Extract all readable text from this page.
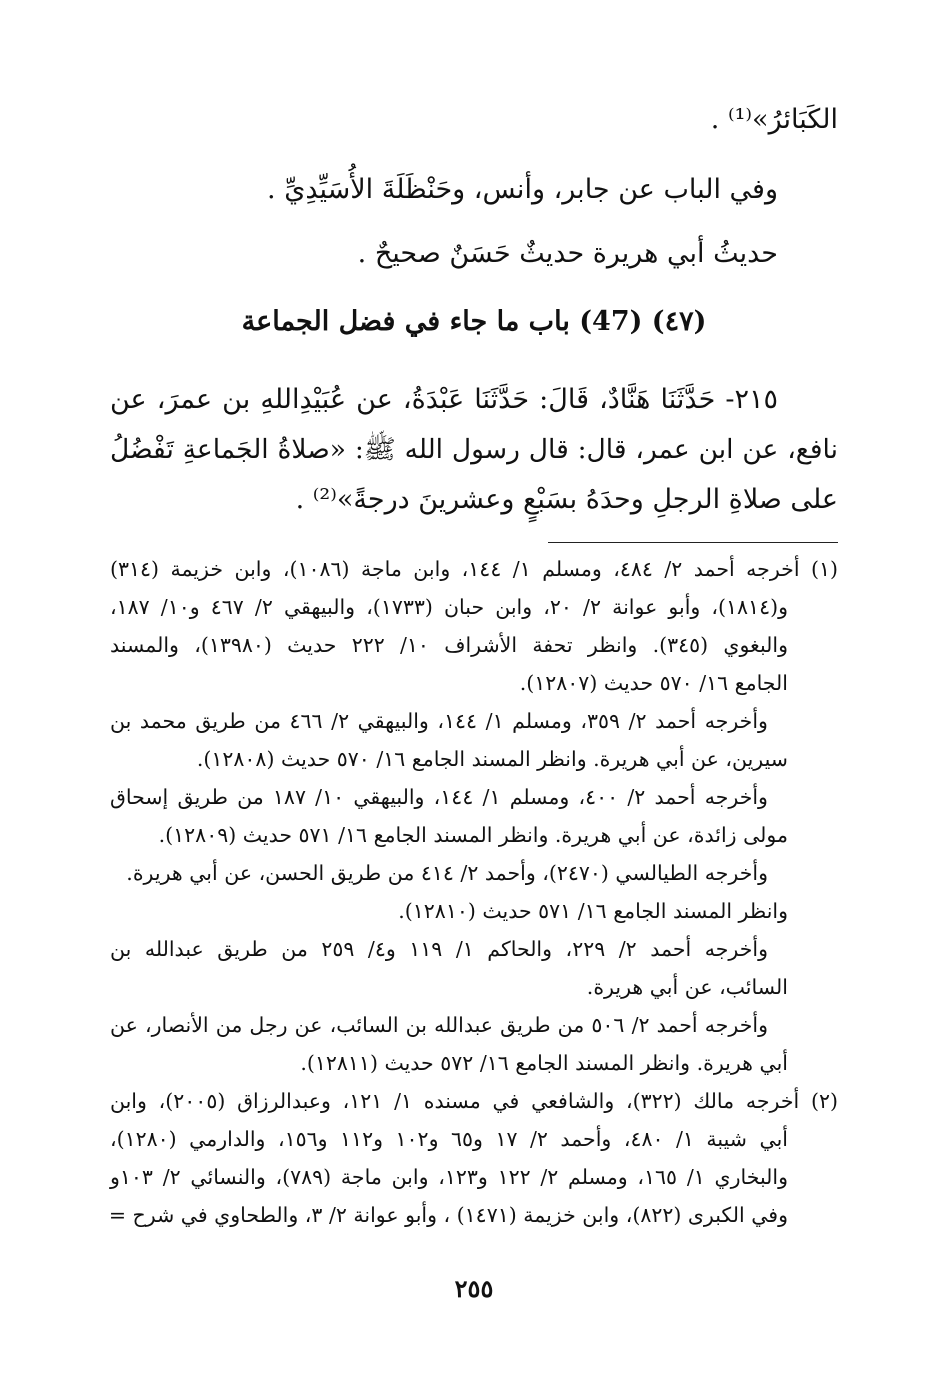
الكَبَائرُ»⁽¹⁾ .
وفي الباب عن جابر، وأنس، وحَنْظَلَةَ الأُسَيِّدِيِّ .
حديثُ أبي هريرة حديثٌ حَسَنٌ صحيحٌ .
(٤٧) (47) باب ما جاء في فضل الجماعة
٢١٥- حَدَّثَنَا هَنَّادٌ، قَالَ: حَدَّثَنَا عَبْدَةُ، عن عُبَيْدِاللهِ بن عمرَ، عن
نافع، عن ابن عمر، قال: قال رسول الله ﷺ: «صلاةُ الجَماعةِ تَفْضُلُ
على صلاةِ الرجلِ وحدَهُ بسَبْعٍ وعشرينَ درجةً»⁽²⁾ .
(١) أخرجه أحمد ٢/ ٤٨٤، ومسلم ١/ ١٤٤، وابن ماجة (١٠٨٦)، وابن خزيمة (٣١٤)
و(١٨١٤)، وأبو عوانة ٢/ ٢٠، وابن حبان (١٧٣٣)، والبيهقي ٢/ ٤٦٧ و١٠/ ١٨٧،
والبغوي (٣٤٥). وانظر تحفة الأشراف ١٠/ ٢٢٢ حديث (١٣٩٨٠)، والمسند
الجامع ١٦/ ٥٧٠ حديث (١٢٨٠٧).
وأخرجه أحمد ٢/ ٣٥٩، ومسلم ١/ ١٤٤، والبيهقي ٢/ ٤٦٦ من طريق محمد بن
سيرين، عن أبي هريرة. وانظر المسند الجامع ١٦/ ٥٧٠ حديث (١٢٨٠٨).
وأخرجه أحمد ٢/ ٤٠٠، ومسلم ١/ ١٤٤، والبيهقي ١٠/ ١٨٧ من طريق إسحاق
مولى زائدة، عن أبي هريرة. وانظر المسند الجامع ١٦/ ٥٧١ حديث (١٢٨٠٩).
وأخرجه الطيالسي (٢٤٧٠)، وأحمد ٢/ ٤١٤ من طريق الحسن، عن أبي هريرة.
وانظر المسند الجامع ١٦/ ٥٧١ حديث (١٢٨١٠).
وأخرجه أحمد ٢/ ٢٢٩، والحاكم ١/ ١١٩ و٤/ ٢٥٩ من طريق عبدالله بن
السائب، عن أبي هريرة.
وأخرجه أحمد ٢/ ٥٠٦ من طريق عبدالله بن السائب، عن رجل من الأنصار، عن
أبي هريرة. وانظر المسند الجامع ١٦/ ٥٧٢ حديث (١٢٨١١).
(٢) أخرجه مالك (٣٢٢)، والشافعي في مسنده ١/ ١٢١، وعبدالرزاق (٢٠٠٥)، وابن
أبي شيبة ١/ ٤٨٠، وأحمد ٢/ ١٧ و٦٥ و١٠٢ و١١٢ و١٥٦، والدارمي (١٢٨٠)،
والبخاري ١/ ١٦٥، ومسلم ٢/ ١٢٢ و١٢٣، وابن ماجة (٧٨٩)، والنسائي ٢/ ١٠٣و
وفي الكبرى (٨٢٢)، وابن خزيمة (١٤٧١) ، وأبو عوانة ٢/ ٣، والطحاوي في شرح =
٢٥٥
